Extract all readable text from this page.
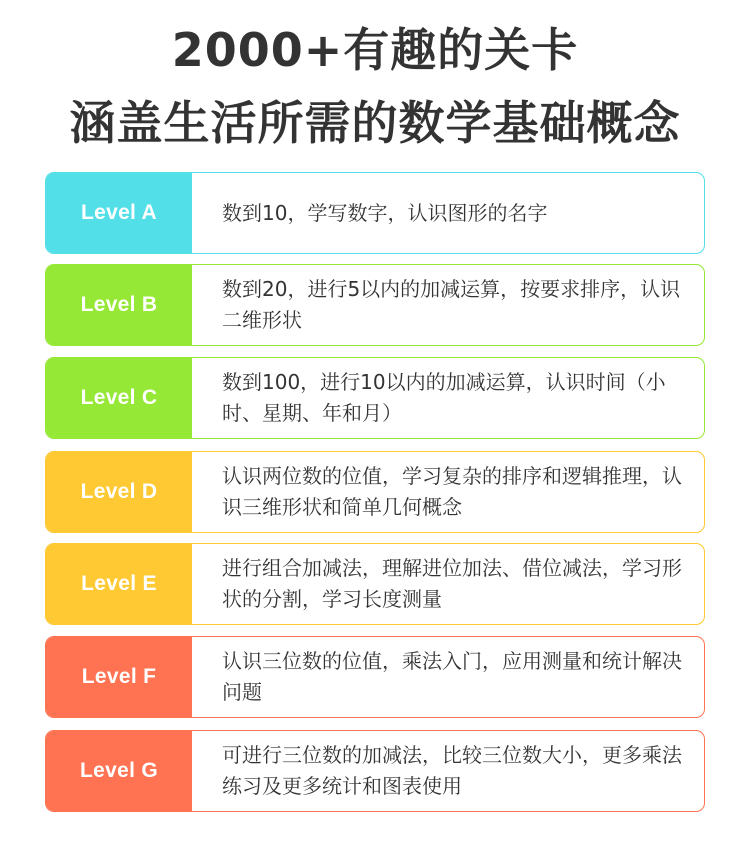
2000+有趣的关卡
涵盖生活所需的数学基础概念
Level A	数到10，学写数字，认识图形的名字
Level B
数到20，进行5以内的加减运算，按要求排序，认识二维形状
Level C
数到100，进行10以内的加减运算，认识时间（小时、星期、年和月）
Level D
认识两位数的位值，学习复杂的排序和逻辑推理，认识三维形状和简单几何概念
Level E
进行组合加减法，理解进位加法、借位减法，学习形状的分割，学习长度测量
Level F
认识三位数的位值，乘法入门，应用测量和统计解决问题
Level G
可进行三位数的加减法，比较三位数大小，更多乘法练习及更多统计和图表使用
